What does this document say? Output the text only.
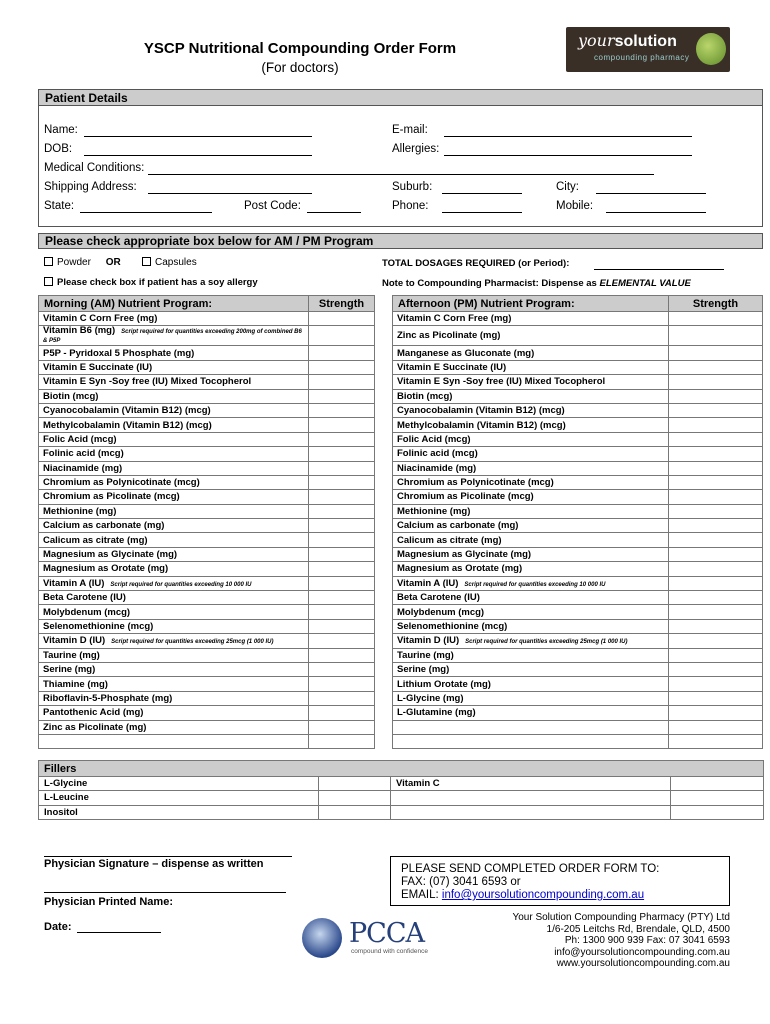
YSCP Nutritional Compounding Order Form
(For doctors)
yoursolution
compounding pharmacy
Patient Details
Name:	E-mail:
DOB:	Allergies:
Medical Conditions:
Shipping Address:	Suburb:	City:
State:	Post Code:	Phone:	Mobile:
Please check appropriate box below for AM / PM Program
Powder OR	Capsules
Please check box if patient has a soy allergy
TOTAL DOSAGES REQUIRED (or Period):
Note to Compounding Pharmacist: Dispense as ELEMENTAL VALUE
Morning (AM) Nutrient Program:	Strength		Afternoon (PM) Nutrient Program:	Strength
Vitamin C Corn Free (mg)			Vitamin C Corn Free (mg)	
Vitamin B6 (mg) Script required for quantities exceeding 200mg of combined B6 & P5P			Zinc as Picolinate (mg)	
P5P - Pyridoxal 5 Phosphate (mg)			Manganese as Gluconate (mg)	
Vitamin E Succinate (IU)			Vitamin E Succinate (IU)	
Vitamin E Syn -Soy free (IU) Mixed Tocopherol			Vitamin E Syn -Soy free (IU) Mixed Tocopherol	
Biotin (mcg)			Biotin (mcg)	
Cyanocobalamin (Vitamin B12) (mcg)			Cyanocobalamin (Vitamin B12) (mcg)	
Methylcobalamin (Vitamin B12) (mcg)			Methylcobalamin (Vitamin B12) (mcg)	
Folic Acid (mcg)			Folic Acid (mcg)	
Folinic acid (mcg)			Folinic acid (mcg)	
Niacinamide (mg)			Niacinamide (mg)	
Chromium as Polynicotinate (mcg)			Chromium as Polynicotinate (mcg)	
Chromium as Picolinate (mcg)			Chromium as Picolinate (mcg)	
Methionine (mg)			Methionine (mg)	
Calcium as carbonate (mg)			Calcium as carbonate (mg)	
Calicum as citrate (mg)			Calicum as citrate (mg)	
Magnesium as Glycinate (mg)			Magnesium as Glycinate (mg)	
Magnesium as Orotate (mg)			Magnesium as Orotate (mg)	
Vitamin A (IU) Script required for quantities exceeding 10 000 IU			Vitamin A (IU) Script required for quantities exceeding 10 000 IU	
Beta Carotene (IU)			Beta Carotene (IU)	
Molybdenum (mcg)			Molybdenum (mcg)	
Selenomethionine (mcg)			Selenomethionine (mcg)	
Vitamin D (IU) Script required for quantities exceeding 25mcg (1 000 IU)			Vitamin D (IU) Script required for quantities exceeding 25mcg (1 000 IU)	
Taurine (mg)			Taurine (mg)	
Serine (mg)			Serine (mg)	
Thiamine (mg)			Lithium Orotate (mg)	
Riboflavin-5-Phosphate (mg)			L-Glycine (mg)	
Pantothenic Acid (mg)			L-Glutamine (mg)	
Zinc as Picolinate (mg)				

Fillers			
L-Glycine		Vitamin C	
L-Leucine			
Inositol			
Physician Signature – dispense as written
Physician Printed Name:
Date:
PLEASE SEND COMPLETED ORDER FORM TO:
FAX: (07) 3041 6593 or
EMAIL: info@yoursolutioncompounding.com.au
PCCA
compound with confidence
Your Solution Compounding Pharmacy (PTY) Ltd
1/6-205 Leitchs Rd, Brendale, QLD, 4500
Ph: 1300 900 939 Fax: 07 3041 6593
info@yoursolutioncompounding.com.au
www.yoursolutioncompounding.com.au
